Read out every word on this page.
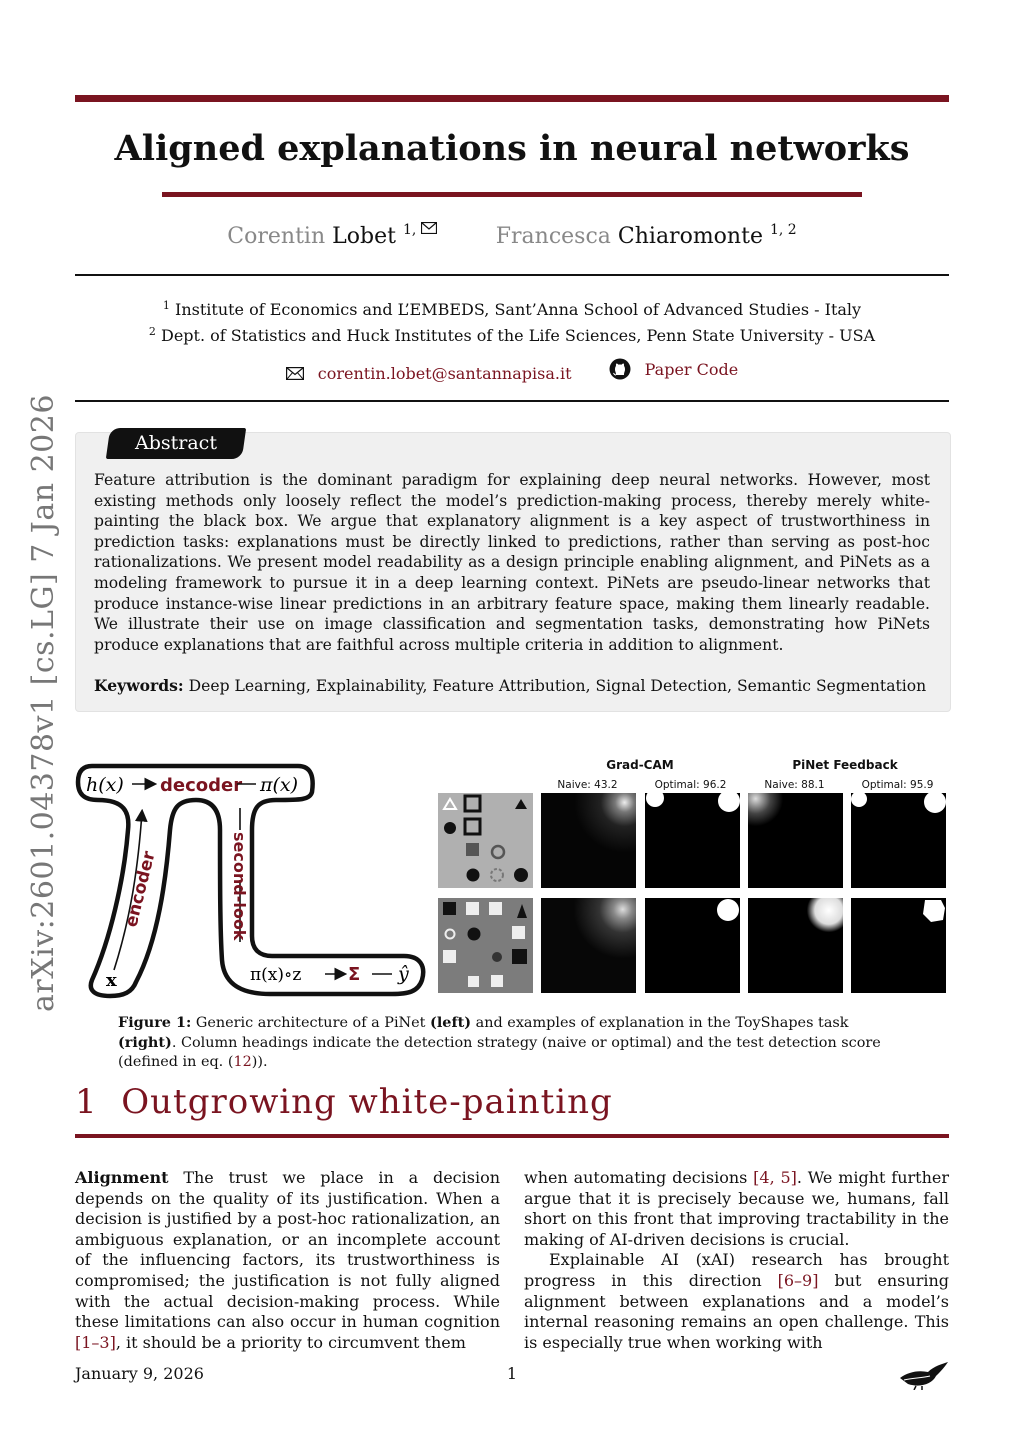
Aligned explanations in neural networks
Corentin Lobet $^{1,}$	Francesca Chiaromonte $^{1, 2}$
$^1$ Institute of Economics and L’EMBEDS, Sant’Anna School of Advanced Studies - Italy
$^2$ Dept. of Statistics and Huck Institutes of the Life Sciences, Penn State University - USA
corentin.lobet@santannapisa.it
	Paper Code
arXiv:2601.04378v1 [cs.LG] 7 Jan 2026	Abstract
Feature attribution is the dominant paradigm for explaining deep neural networks. However, most existing methods only loosely reflect the model’s prediction-making process, thereby merely white-painting the black box. We argue that explanatory alignment is a key aspect of trustworthiness in prediction tasks: explanations must be directly linked to predictions, rather than serving as post-hoc rationalizations. We present model readability as a design principle enabling alignment, and PiNets as a modeling framework to pursue it in a deep learning context. PiNets are pseudo-linear networks that produce instance-wise linear predictions in an arbitrary feature space, making them linearly readable. We illustrate their use on image classification and segmentation tasks, demonstrating how PiNets produce explanations that are faithful across multiple criteria in addition to alignment.
Keywords: Deep Learning, Explainability, Feature Attribution, Signal Detection, Semantic Segmentation
h(x) decoder π(x)
encoder
x
second-look
π(x)∘z	Σ ŷ
Grad-CAM	PiNet Feedback
Naive: 43.2	Optimal: 96.2	Naive: 88.1	Optimal: 95.9
Figure 1: Generic architecture of a PiNet (left) and examples of explanation in the ToyShapes task (right). Column headings indicate the detection strategy (naive or optimal) and the test detection score (defined in eq. (12)).
1 Outgrowing white-painting

Alignment The trust we place in a decision depends on the quality of its justification. When a decision is justified by a post-hoc rationalization, an ambiguous explanation, or an incomplete account of the influencing factors, its trustworthiness is compromised; the justification is not fully aligned with the actual decision-making process. While these limitations can also occur in human cognition [1–3], it should be a priority to circumvent them

when automating decisions [4, 5]. We might further argue that it is precisely because we, humans, fall short on this front that improving tractability in the making of AI-driven decisions is crucial.

Explainable AI (xAI) research has brought progress in this direction [6–9] but ensuring alignment between explanations and a model’s internal reasoning remains an open challenge. This is especially true when working with

January 9, 2026	1
